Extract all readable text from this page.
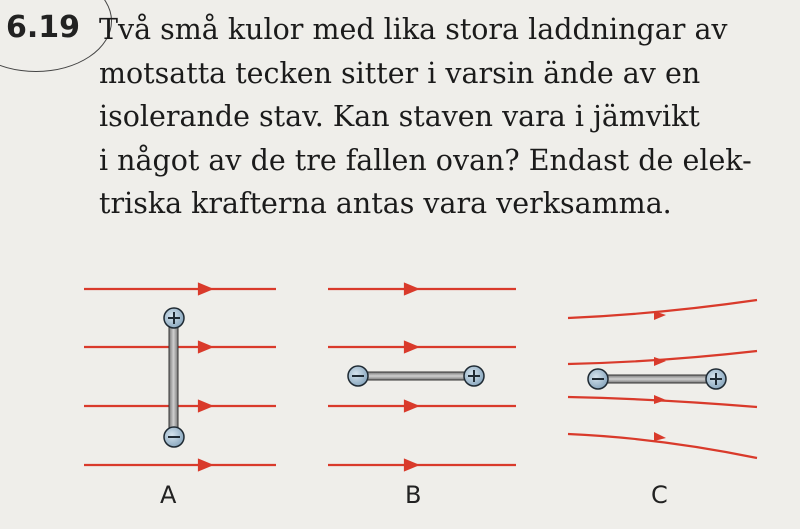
6.19 Två små kulor med lika stora laddningar av
motsatta tecken sitter i varsin ände av en
isolerande stav. Kan staven vara i jämvikt
i något av de tre fallen ovan? Endast de elek-
triska krafterna antas vara verksamma.

A	B	C
